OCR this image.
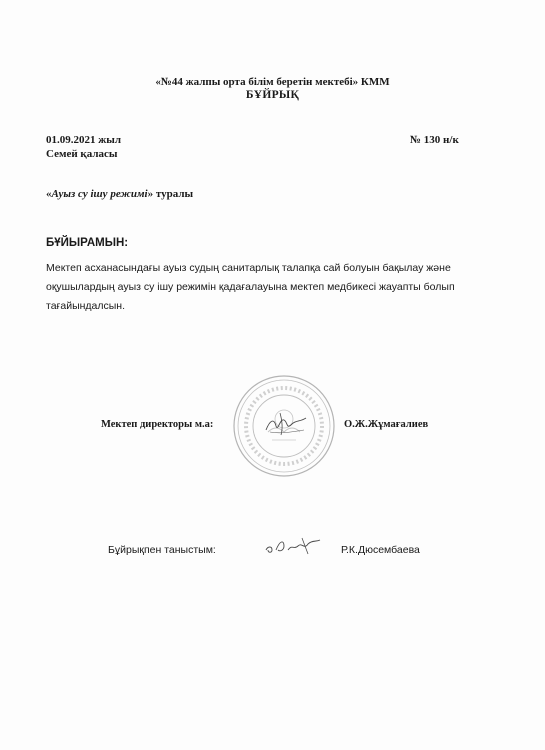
«№44 жалпы орта білім беретін мектебі» КММ
БҰЙРЫҚ
01.09.2021 жыл
Семей қаласы
№ 130 н/к
«Ауыз су ішу режимі» туралы
БҰЙЫРАМЫН:
Мектеп асханасындағы ауыз судың санитарлық талапқа сай болуын бақылау және оқушылардың ауыз су ішу режимін қадағалауына мектеп медбикесі жауапты болып тағайындалсын.
Мектеп директоры м.а:	О.Ж.Жұмағалиев
Бұйрықпен таныстым:	Р.К.Дюсембаева
